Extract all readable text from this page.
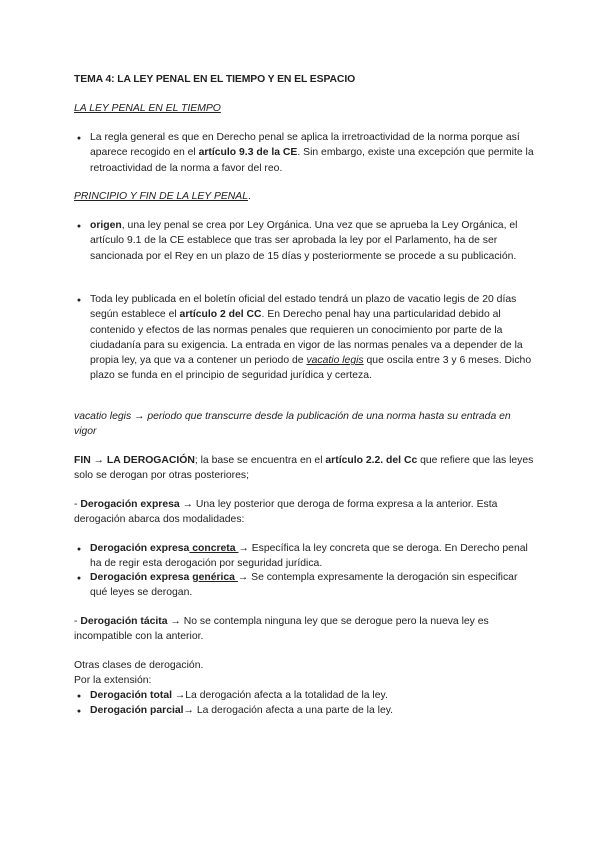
TEMA 4: LA LEY PENAL EN EL TIEMPO Y EN EL ESPACIO
LA LEY PENAL EN EL TIEMPO
●
La regla general es que en Derecho penal se aplica la irretroactividad de la norma porque así aparece recogido en el artículo 9.3 de la CE. Sin embargo, existe una excepción que permite la retroactividad de la norma a favor del reo.
PRINCIPIO Y FIN DE LA LEY PENAL.
●
origen, una ley penal se crea por Ley Orgánica. Una vez que se aprueba la Ley Orgánica, el artículo 9.1 de la CE establece que tras ser aprobada la ley por el Parlamento, ha de ser sancionada por el Rey en un plazo de 15 días y posteriormente se procede a su publicación.
●
Toda ley publicada en el boletín oficial del estado tendrá un plazo de vacatio legis de 20 días según establece el artículo 2 del CC. En Derecho penal hay una particularidad debido al contenido y efectos de las normas penales que requieren un conocimiento por parte de la ciudadanía para su exigencia. La entrada en vigor de las normas penales va a depender de la propia ley, ya que va a contener un periodo de vacatio legis que oscila entre 3 y 6 meses. Dicho plazo se funda en el principio de seguridad jurídica y certeza.
vacatio legis → periodo que transcurre desde la publicación de una norma hasta su entrada en vigor
FIN → LA DEROGACIÓN; la base se encuentra en el artículo 2.2. del Cc que refiere que las leyes solo se derogan por otras posteriores;
- Derogación expresa → Una ley posterior que deroga de forma expresa a la anterior. Esta derogación abarca dos modalidades:
●
Derogación expresa concreta → Específica la ley concreta que se deroga. En Derecho penal ha de regir esta derogación por seguridad jurídica.
●
Derogación expresa genérica → Se contempla expresamente la derogación sin especificar qué leyes se derogan.
- Derogación tácita → No se contempla ninguna ley que se derogue pero la nueva ley es incompatible con la anterior.
Otras clases de derogación.
Por la extensión:
●
Derogación total →La derogación afecta a la totalidad de la ley.
●
Derogación parcial→ La derogación afecta a una parte de la ley.
